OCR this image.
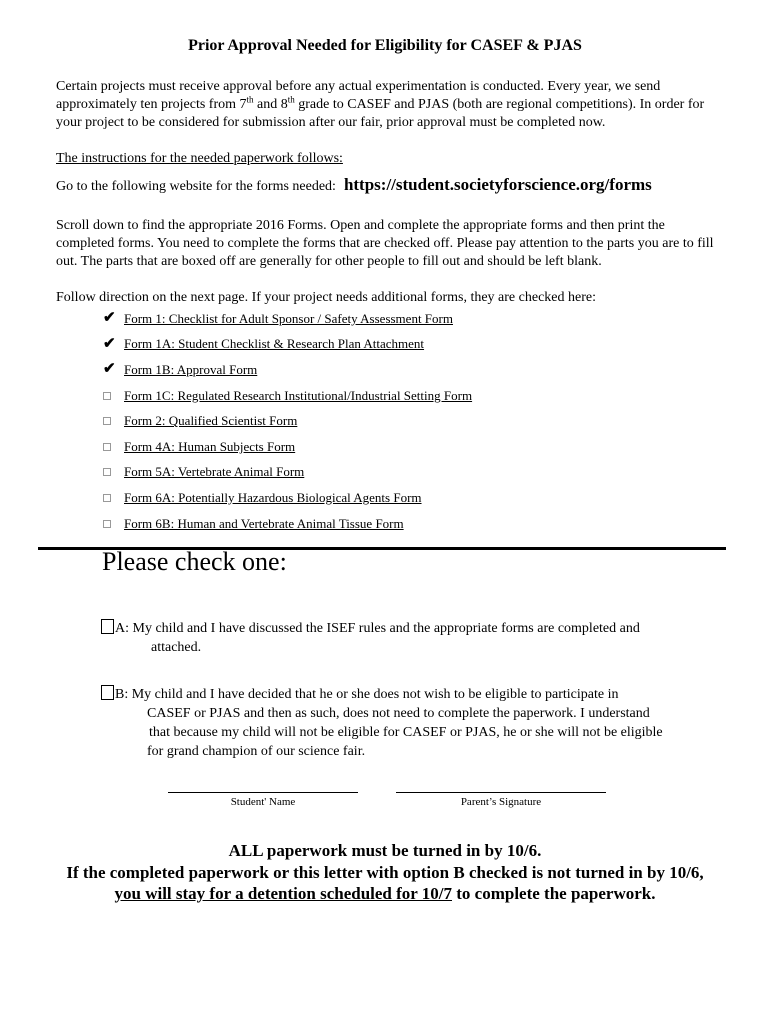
Prior Approval Needed for Eligibility for CASEF & PJAS

Certain projects must receive approval before any actual experimentation is conducted. Every year, we send approximately ten projects from 7th and 8th grade to CASEF and PJAS (both are regional competitions). In order for your project to be considered for submission after our fair, prior approval must be completed now.

The instructions for the needed paperwork follows:

Go to the following website for the forms needed: https://student.societyforscience.org/forms

Scroll down to find the appropriate 2016 Forms. Open and complete the appropriate forms and then print the completed forms. You need to complete the forms that are checked off. Please pay attention to the parts you are to fill out. The parts that are boxed off are generally for other people to fill out and should be left blank.

Follow direction on the next page. If your project needs additional forms, they are checked here:

✔ Form 1: Checklist for Adult Sponsor / Safety Assessment Form
✔ Form 1A: Student Checklist & Research Plan Attachment
✔ Form 1B: Approval Form
Form 1C: Regulated Research Institutional/Industrial Setting Form
Form 2: Qualified Scientist Form
Form 4A: Human Subjects Form
Form 5A: Vertebrate Animal Form
Form 6A: Potentially Hazardous Biological Agents Form
Form 6B: Human and Vertebrate Animal Tissue Form
Please check one:
A: My child and I have discussed the ISEF rules and the appropriate forms are completed and
attached.
B: My child and I have decided that he or she does not wish to be eligible to participate in
CASEF or PJAS and then as such, does not need to complete the paperwork. I understand
that because my child will not be eligible for CASEF or PJAS, he or she will not be eligible
for grand champion of our science fair.
Student' Name	Parent’s Signature
ALL paperwork must be turned in by 10/6.
If the completed paperwork or this letter with option B checked is not turned in by 10/6,
you will stay for a detention scheduled for 10/7 to complete the paperwork.
